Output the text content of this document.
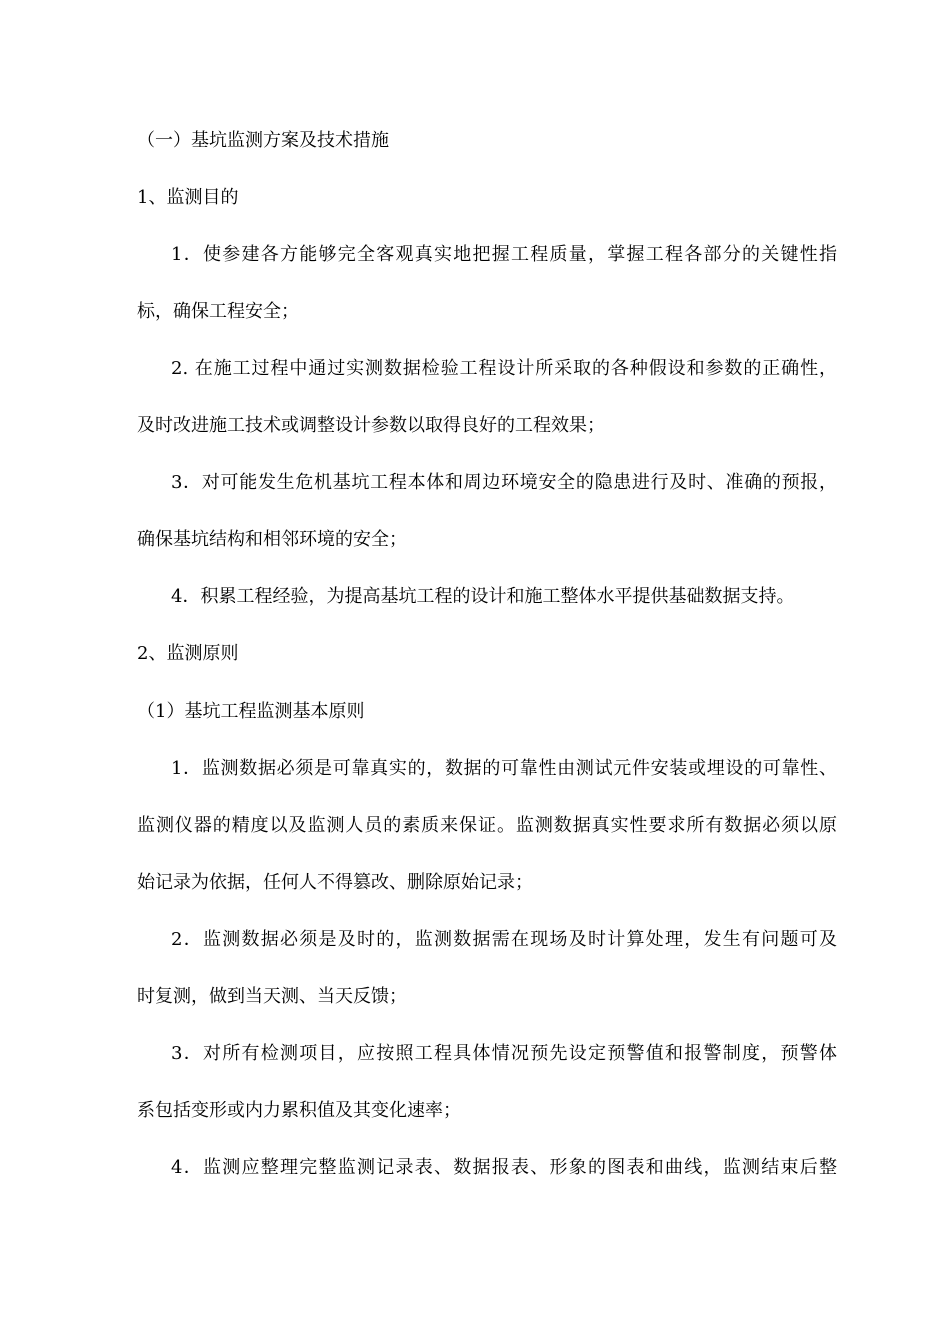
（一）基坑监测方案及技术措施
1、监测目的
1．使参建各方能够完全客观真实地把握工程质量，掌握工程各部分的关键性指
标，确保工程安全；
2. 在施工过程中通过实测数据检验工程设计所采取的各种假设和参数的正确性，
及时改进施工技术或调整设计参数以取得良好的工程效果；
3．对可能发生危机基坑工程本体和周边环境安全的隐患进行及时、准确的预报，
确保基坑结构和相邻环境的安全；
4．积累工程经验，为提高基坑工程的设计和施工整体水平提供基础数据支持。
2、监测原则
（1）基坑工程监测基本原则
1．监测数据必须是可靠真实的，数据的可靠性由测试元件安装或埋设的可靠性、
监测仪器的精度以及监测人员的素质来保证。监测数据真实性要求所有数据必须以原
始记录为依据，任何人不得篡改、删除原始记录；
2．监测数据必须是及时的，监测数据需在现场及时计算处理，发生有问题可及
时复测，做到当天测、当天反馈；
3．对所有检测项目，应按照工程具体情况预先设定预警值和报警制度，预警体
系包括变形或内力累积值及其变化速率；
4．监测应整理完整监测记录表、数据报表、形象的图表和曲线，监测结束后整
